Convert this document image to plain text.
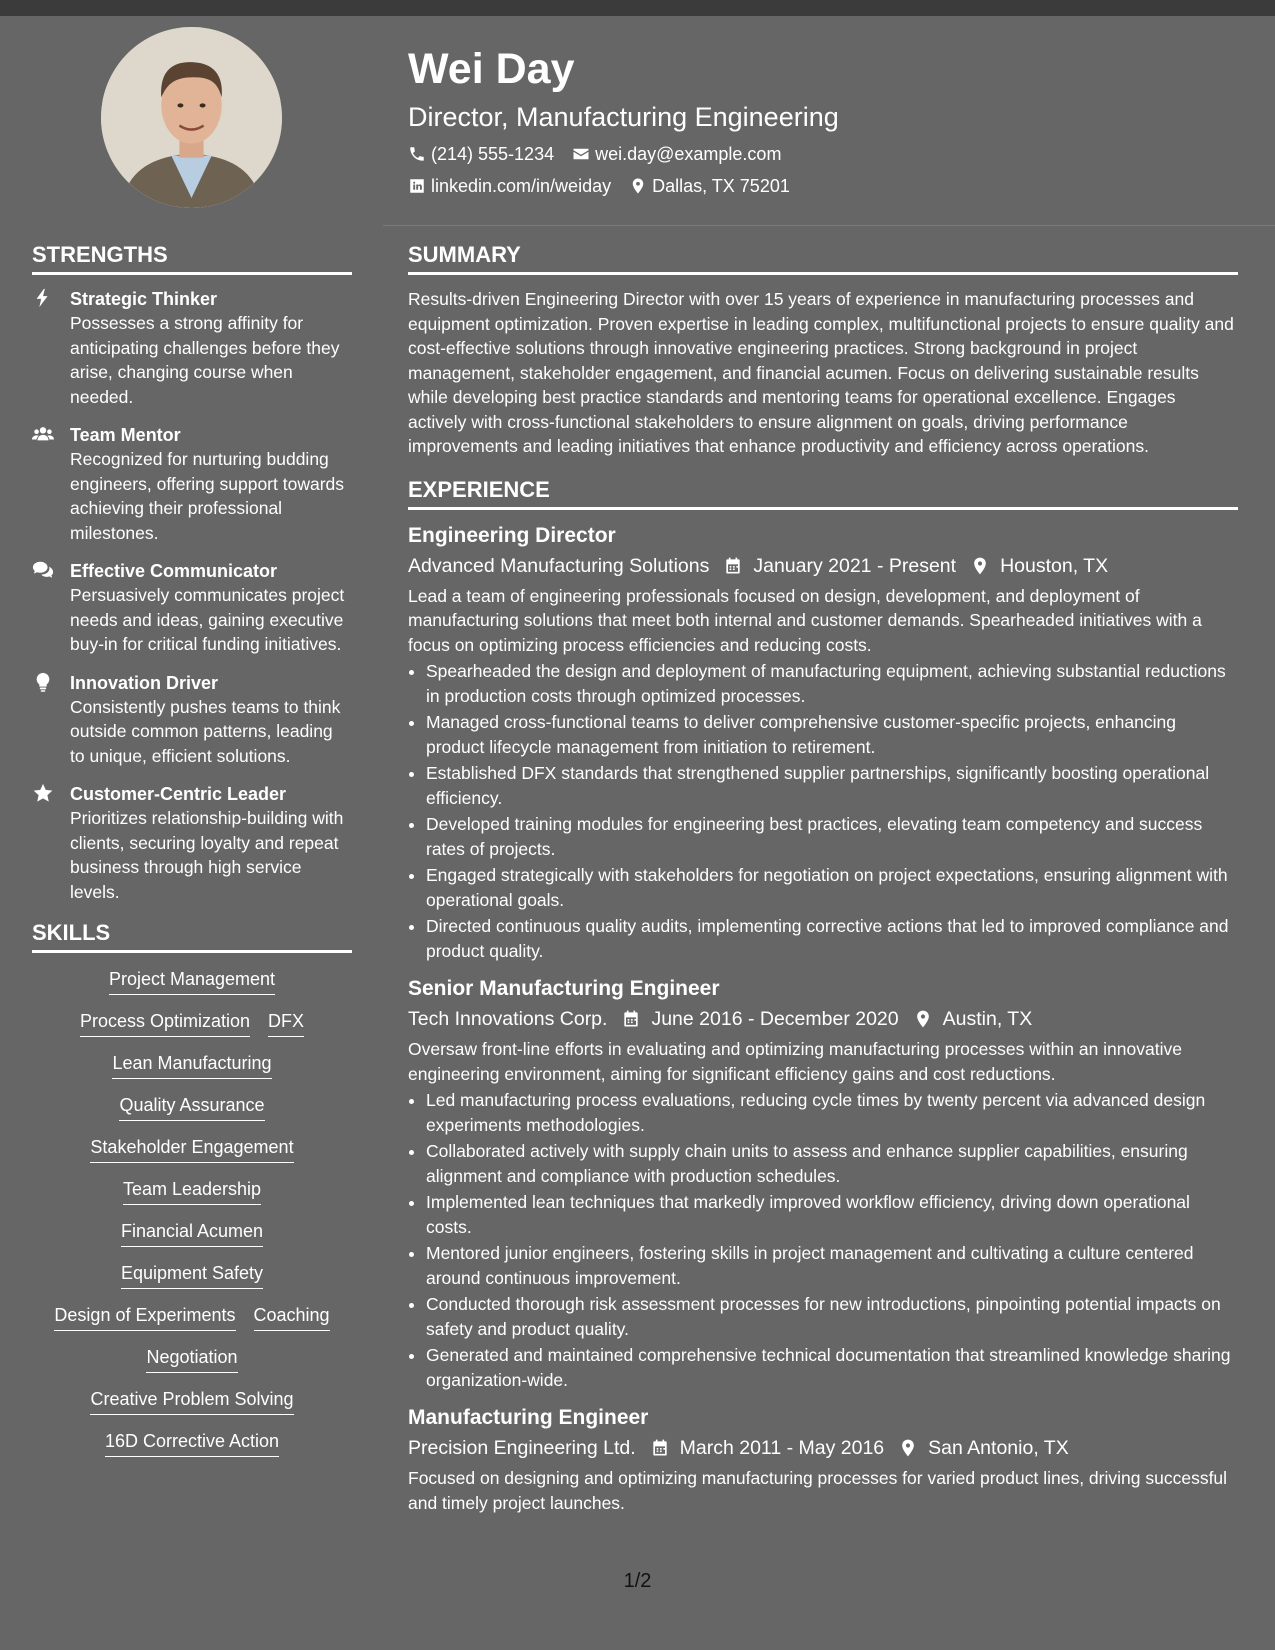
Wei Day
Director, Manufacturing Engineering
(214) 555-1234 wei.day@example.com
linkedin.com/in/weiday Dallas, TX 75201
STRENGTHS
Strategic Thinker
Possesses a strong affinity for anticipating challenges before they arise, changing course when needed.
Team Mentor
Recognized for nurturing budding engineers, offering support towards achieving their professional milestones.
Effective Communicator
Persuasively communicates project needs and ideas, gaining executive buy-in for critical funding initiatives.
Innovation Driver
Consistently pushes teams to think outside common patterns, leading to unique, efficient solutions.
Customer-Centric Leader
Prioritizes relationship-building with clients, securing loyalty and repeat business through high service levels.
SKILLS
Project Management
Process Optimization DFX
Lean Manufacturing
Quality Assurance
Stakeholder Engagement
Team Leadership
Financial Acumen
Equipment Safety
Design of Experiments Coaching
Negotiation
Creative Problem Solving
16D Corrective Action
SUMMARY

Results-driven Engineering Director with over 15 years of experience in manufacturing processes and equipment optimization. Proven expertise in leading complex, multifunctional projects to ensure quality and cost-effective solutions through innovative engineering practices. Strong background in project management, stakeholder engagement, and financial acumen. Focus on delivering sustainable results while developing best practice standards and mentoring teams for operational excellence. Engages actively with cross-functional stakeholders to ensure alignment on goals, driving performance improvements and leading initiatives that enhance productivity and efficiency across operations.

EXPERIENCE
Engineering Director
Advanced Manufacturing Solutions January 2021 - Present Houston, TX
Lead a team of engineering professionals focused on design, development, and deployment of manufacturing solutions that meet both internal and customer demands. Spearheaded initiatives with a focus on optimizing process efficiencies and reducing costs.
• Spearheaded the design and deployment of manufacturing equipment, achieving substantial reductions in production costs through optimized processes.
• Managed cross-functional teams to deliver comprehensive customer-specific projects, enhancing product lifecycle management from initiation to retirement.
• Established DFX standards that strengthened supplier partnerships, significantly boosting operational efficiency.
• Developed training modules for engineering best practices, elevating team competency and success rates of projects.
• Engaged strategically with stakeholders for negotiation on project expectations, ensuring alignment with operational goals.
• Directed continuous quality audits, implementing corrective actions that led to improved compliance and product quality.
Senior Manufacturing Engineer
Tech Innovations Corp. June 2016 - December 2020 Austin, TX
Oversaw front-line efforts in evaluating and optimizing manufacturing processes within an innovative engineering environment, aiming for significant efficiency gains and cost reductions.
• Led manufacturing process evaluations, reducing cycle times by twenty percent via advanced design experiments methodologies.
• Collaborated actively with supply chain units to assess and enhance supplier capabilities, ensuring alignment and compliance with production schedules.
• Implemented lean techniques that markedly improved workflow efficiency, driving down operational costs.
• Mentored junior engineers, fostering skills in project management and cultivating a culture centered around continuous improvement.
• Conducted thorough risk assessment processes for new introductions, pinpointing potential impacts on safety and product quality.
• Generated and maintained comprehensive technical documentation that streamlined knowledge sharing organization-wide.
Manufacturing Engineer
Precision Engineering Ltd. March 2011 - May 2016 San Antonio, TX
Focused on designing and optimizing manufacturing processes for varied product lines, driving successful and timely project launches.
1/2
